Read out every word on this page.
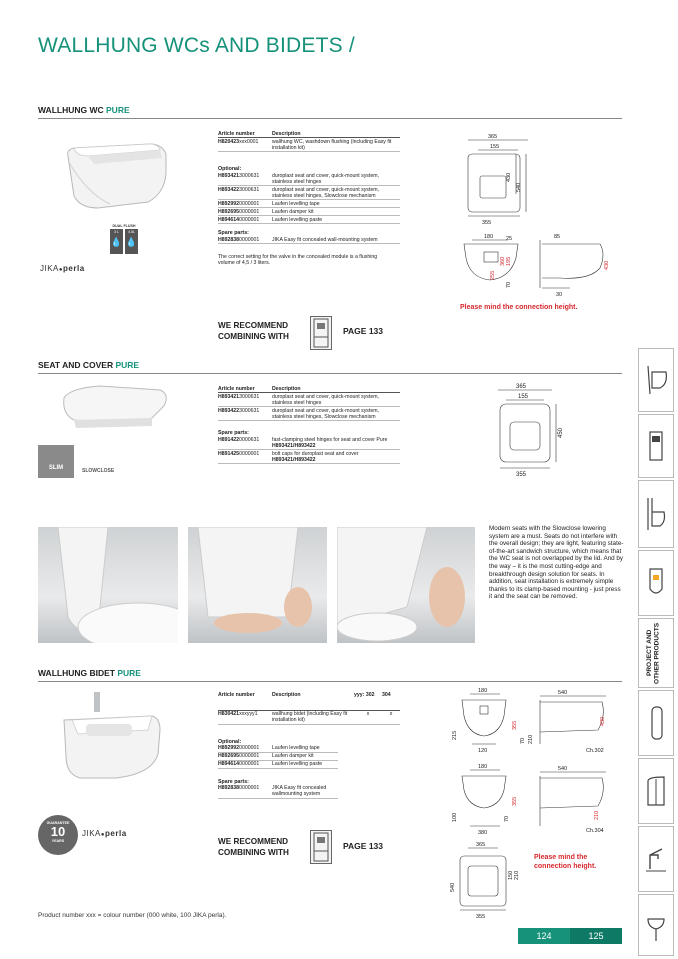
WALLHUNG WCs AND BIDETS /
WALLHUNG WC PURE
DUAL FLUSH
3 L
💧
4.5L
💧
JIKA●perla
Article number	Description
H820423xxx0001	wallhung WC, washdown flushing (including Easy fit installation kit)
Optional:
H8934213000631	duroplast seat and cover, quick-mount system, stainless steel hinges
H8934223000631	duroplast seat and cover, quick-mount system, stainless steel hinges, Slowclose mechanism
H8929920000001	Laufen levelling tape
H8926950000001	Laufen damper kit
H8946140000001	Laufen levelling paste
Spare parts:
H8928380000001	JIKA Easy fit concealed wall-mounting system
The correct setting for the valve in the concealed module is a flushing volume of 4,5 / 3 liters.
WE RECOMMEND
COMBINING WITH
PAGE 133
365
155
430
540
355
180 25
360 195
255
70
85
430
30
Please mind the connection height.
SEAT AND COVER PURE
SLIM	SLOWCLOSE
Article number	Description
H8934213000631	duroplast seat and cover, quick-mount system, stainless steel hinges
H8934223000631	duroplast seat and cover, quick-mount system, stainless steel hinges, Slowclose mechanism
Spare parts:
H8914220000631	fast-clamping steel hinges for seat and cover Pure
H893421/H893422
H8914250000001	bolt caps for duroplast seat and cover
H893421/H893422
365
155
450
355
Modern seats with the Slowclose lowering system are a must. Seats do not interfere with the overall design; they are light, featuring state-of-the-art sandwich structure, which means that the WC seat is not overlapped by the lid. And by the way – it is the most cutting-edge and breakthrough design solution for seats. In addition, seat installation is extremely simple thanks to its clamp-based mounting - just press it and the seat can be removed.
WALLHUNG BIDET PURE
GUARANTEE
10
YEARS
JIKA●perla
Article number	Description	yyy: 302	304
H830421xxxyyy1	wallhung bidet (including Easy fit installation kit)	x	x
Optional:
H8929920000001	Laufen levelling tape
H8926950000001	Laufen damper kit
H8946140000001	Laufen levelling paste
Spare parts:
H8928380000001	JIKA Easy fit concealed wallmounting system
WE RECOMMEND
COMBINING WITH
PAGE 133
180
215
355
120
70
540
430
210
Ch.302
180
355
100
380
70
540
210
Ch.304
365
540
150 210
355
Please mind the
connection height.
Product number xxx = colour number (000 white, 100 JIKA perla).
124	125
PROJECT AND OTHER PRODUCTS
